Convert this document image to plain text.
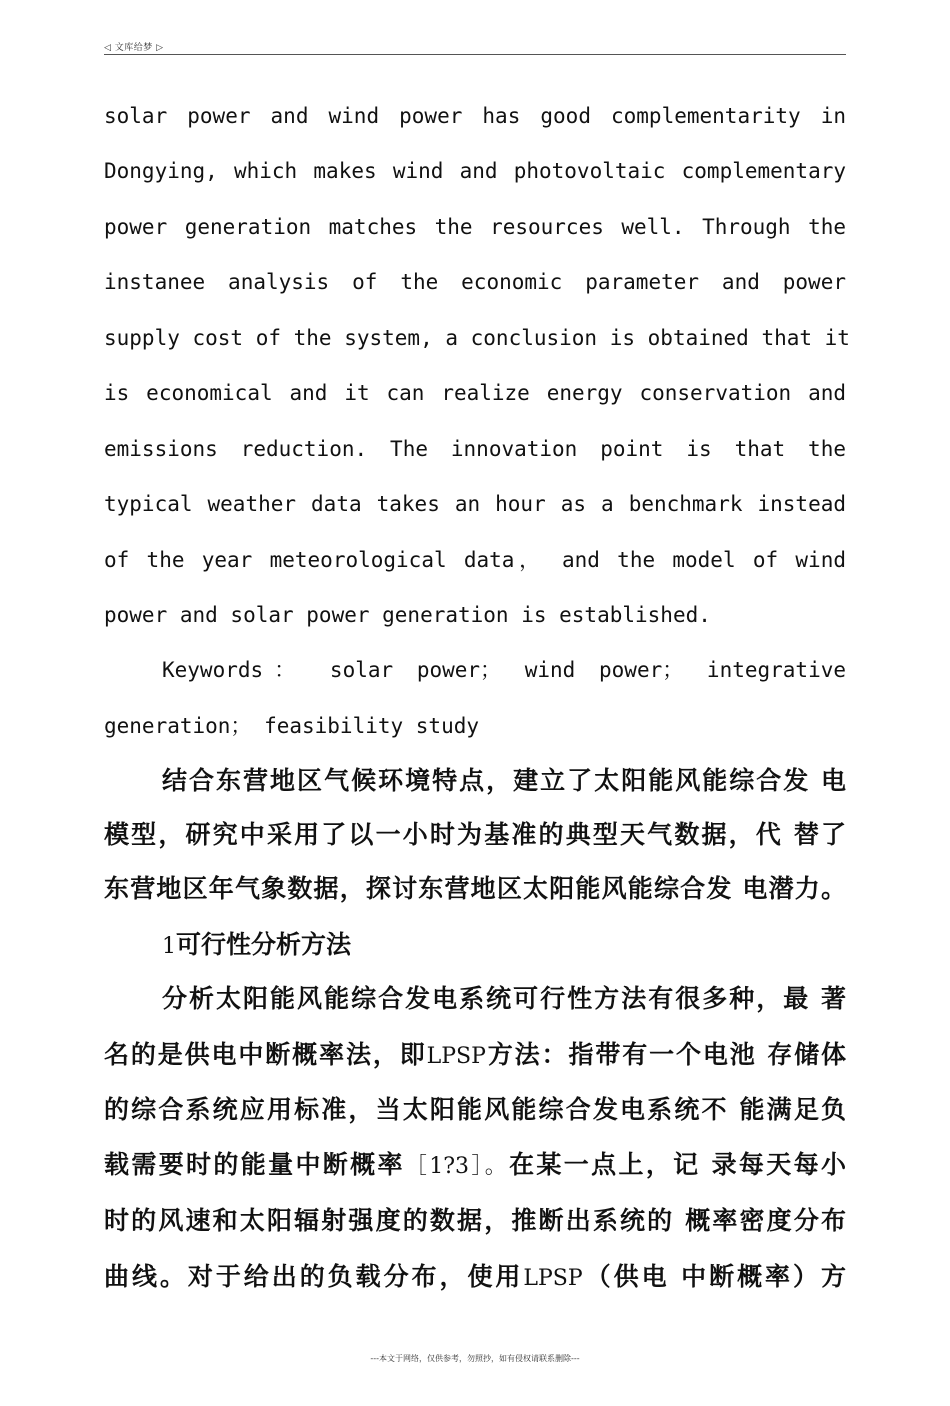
◁ 文库给梦 ▷
solar power and wind power has good complementarity in
Dongying, which makes wind and photovoltaic complementary
power generation matches the resources well. Through the
instanee analysis of the economic parameter and power
supply cost of the system, a conclusion is obtained that it
is economical and it can realize energy conservation and
emissions reduction. The innovation point is that the
typical weather data takes an hour as a benchmark instead
of the year meteorological data， and the model of wind
power and solar power generation is established.
Keywords： solar power； wind power； integrative
generation； feasibility study
结合东营地区气候环境特点，建立了太阳能风能综合发 电
模型，研究中采用了以一小时为基准的典型天气数据，代 替了
东营地区年气象数据，探讨东营地区太阳能风能综合发 电潜力。
1可行性分析方法
分析太阳能风能综合发电系统可行性方法有很多种，最 著
名的是供电中断概率法，即LPSP方法：指带有一个电池 存储体
的综合系统应用标准，当太阳能风能综合发电系统不 能满足负
载需要时的能量中断概率［1?3］。在某一点上，记 录每天每小
时的风速和太阳辐射强度的数据，推断出系统的 概率密度分布
曲线。对于给出的负载分布，使用LPSP（供电 中断概率）方
---本文于网络，仅供参考，勿照抄，如有侵权请联系删除---
